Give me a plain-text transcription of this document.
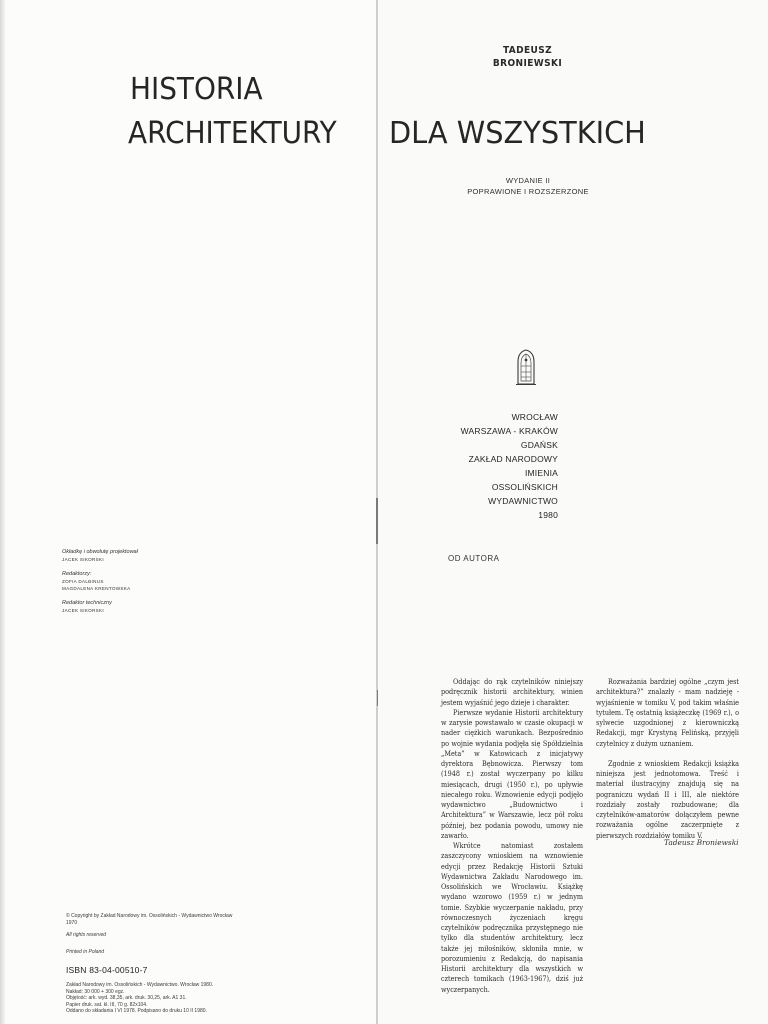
HISTORIA
ARCHITEKTURY DLA WSZYSTKICH
TADEUSZ
BRONIEWSKI
WYDANIE II
POPRAWIONE I ROZSZERZONE
WROCŁAW
WARSZAWA - KRAKÓW
GDAŃSK
ZAKŁAD NARODOWY
IMIENIA
OSSOLIŃSKICH
WYDAWNICTWO
1980
Okładkę i obwolutę projektował
JACEK SIKORSKI
Redaktorzy:
ZOFIA DALBINUS
MAGDALENA KRENTOWSKA
Redaktor techniczny
JACEK SIKORSKI
© Copyright by Zakład Narodowy im. Ossolińskich - Wydawnictwo Wrocław 1970
All rights reserved
Printed in Poland
ISBN 83-04-00510-7
Zakład Narodowy im. Ossolińskich - Wydawnictwo. Wrocław 1980.
Nakład: 30 000 + 300 egz.
Objętość: ark. wyd. 38,35, ark. druk. 30,25, ark. A1 31.
Papier druk. sat. kl. III, 70 g. 82x104.
Oddano do składania I VI 1978. Podpisano do druku 10 II 1980.
OD AUTORA

Oddając do rąk czytelników niniejszy podręcznik historii architektury, winien jestem wyjaśnić jego dzieje i charakter.

Pierwsze wydanie Historii architektury w zarysie powstawało w czasie okupacji w nader ciężkich warunkach. Bezpośrednio po wojnie wydania podjęła się Spółdzielnia „Meta” w Katowicach z inicjatywy dyrektora Bębnowicza. Pierwszy tom (1948 r.) został wyczerpany po kilku miesiącach, drugi (1950 r.), po upływie niecałego roku. Wznowienie edycji podjęło wydawnictwo „Budownictwo i Architektura” w Warszawie, lecz pół roku później, bez podania powodu, umowy nie zawarło.

Wkrótce natomiast zostałem zaszczycony wnioskiem na wznowienie edycji przez Redakcję Historii Sztuki Wydawnictwa Zakładu Narodowego im. Ossolińskich we Wrocławiu. Książkę wydano wzorowo (1959 r.) w jednym tomie. Szybkie wyczerpanie nakładu, przy równoczesnych życzeniach kręgu czytelników podręcznika przystępnego nie tylko dla studentów architektury, lecz także jej miłośników, skłoniła mnie, w porozumieniu z Redakcją, do napisania Historii architektury dla wszystkich w czterech tomikach (1963-1967), dziś już wyczerpanych.

Rozważania bardziej ogólne „czym jest architektura?” znalazły - mam nadzieję - wyjaśnienie w tomiku V, pod takim właśnie tytułem. Tę ostatnią książeczkę (1969 r.), o sylwecie uzgodnionej z kierowniczką Redakcji, mgr Krystyną Felińską, przyjęli czytelnicy z dużym uznaniem.

Zgodnie z wnioskiem Redakcji książka niniejsza jest jednotomowa. Treść i materiał ilustracyjny znajdują się na pograniczu wydań II i III, ale niektóre rozdziały zostały rozbudowane; dla czytelników-amatorów dołączyłem pewne rozważania ogólne zaczerpnięte z pierwszych rozdziałów tomiku V.

Tadeusz Broniewski
